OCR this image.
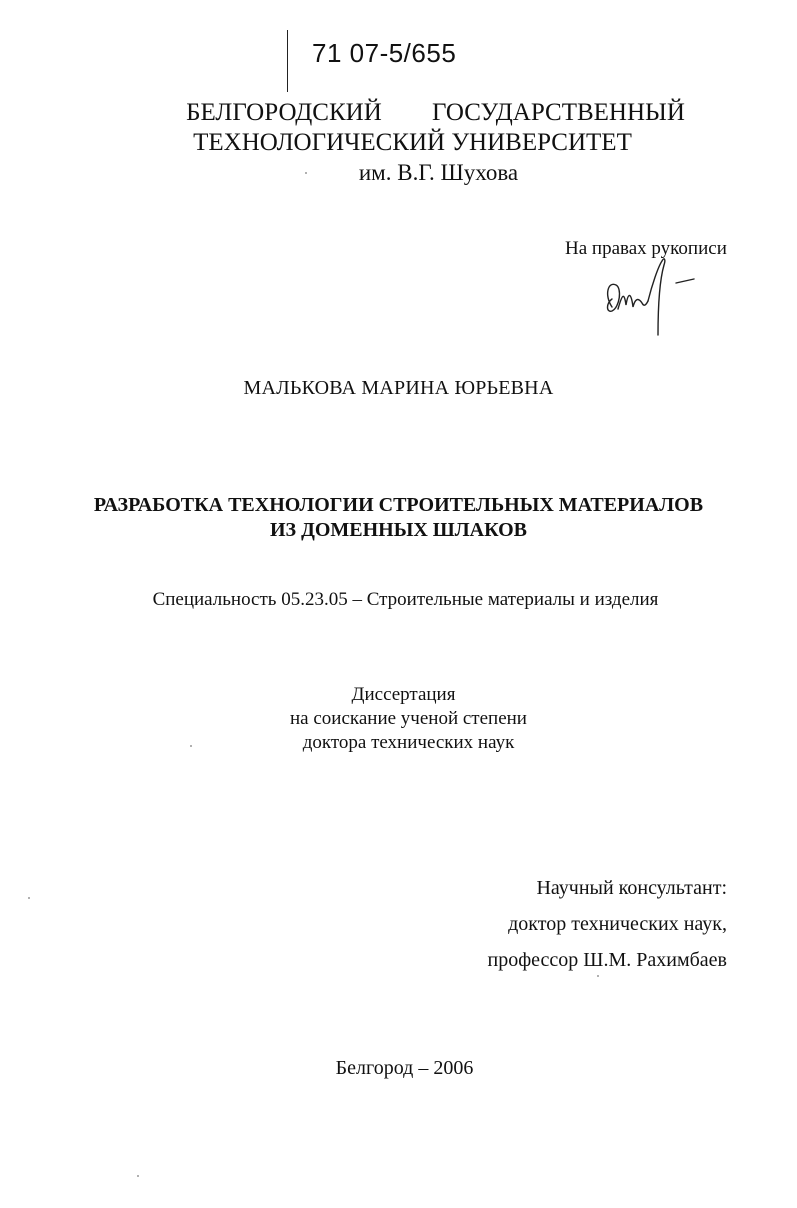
71 07-5/655
БЕЛГОРОДСКИЙ ГОСУДАРСТВЕННЫЙ
ТЕХНОЛОГИЧЕСКИЙ УНИВЕРСИТЕТ
им. В.Г. Шухова
На правах рукописи
МАЛЬКОВА МАРИНА ЮРЬЕВНА
РАЗРАБОТКА ТЕХНОЛОГИИ СТРОИТЕЛЬНЫХ МАТЕРИАЛОВ
ИЗ ДОМЕННЫХ ШЛАКОВ
Специальность 05.23.05 – Строительные материалы и изделия
Диссертация
на соискание ученой степени
доктора технических наук
Научный консультант:
доктор технических наук,
профессор Ш.М. Рахимбаев
Белгород – 2006
